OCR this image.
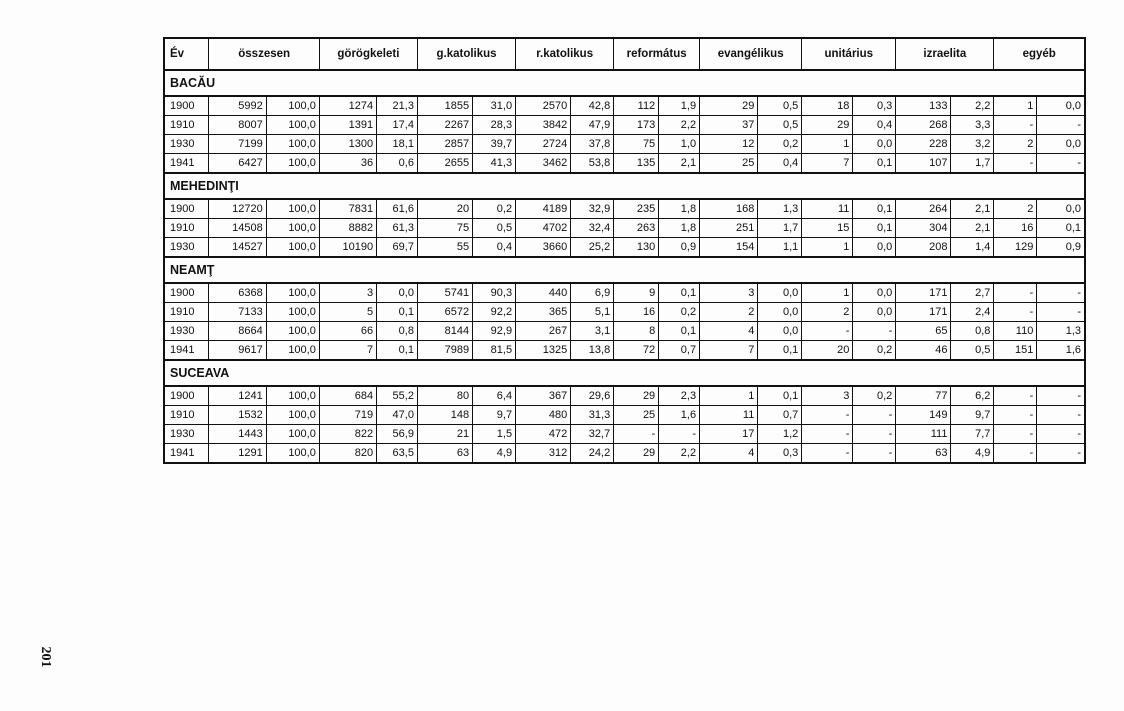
Év	összesen		görögkeleti		g.katolikus		r.katolikus		református		evangélikus		unitárius		izraelita		egyéb	
BACĂU																		
1900	5992	100,0	1274	21,3	1855	31,0	2570	42,8	112	1,9	29	0,5	18	0,3	133	2,2	1	0,0
1910	8007	100,0	1391	17,4	2267	28,3	3842	47,9	173	2,2	37	0,5	29	0,4	268	3,3	-	-
1930	7199	100,0	1300	18,1	2857	39,7	2724	37,8	75	1,0	12	0,2	1	0,0	228	3,2	2	0,0
1941	6427	100,0	36	0,6	2655	41,3	3462	53,8	135	2,1	25	0,4	7	0,1	107	1,7	-	-
MEHEDINŢI																		
1900	12720	100,0	7831	61,6	20	0,2	4189	32,9	235	1,8	168	1,3	11	0,1	264	2,1	2	0,0
1910	14508	100,0	8882	61,3	75	0,5	4702	32,4	263	1,8	251	1,7	15	0,1	304	2,1	16	0,1
1930	14527	100,0	10190	69,7	55	0,4	3660	25,2	130	0,9	154	1,1	1	0,0	208	1,4	129	0,9
NEAMŢ																		
1900	6368	100,0	3	0,0	5741	90,3	440	6,9	9	0,1	3	0,0	1	0,0	171	2,7	-	-
1910	7133	100,0	5	0,1	6572	92,2	365	5,1	16	0,2	2	0,0	2	0,0	171	2,4	-	-
1930	8664	100,0	66	0,8	8144	92,9	267	3,1	8	0,1	4	0,0	-	-	65	0,8	110	1,3
1941	9617	100,0	7	0,1	7989	81,5	1325	13,8	72	0,7	7	0,1	20	0,2	46	0,5	151	1,6
SUCEAVA																		
1900	1241	100,0	684	55,2	80	6,4	367	29,6	29	2,3	1	0,1	3	0,2	77	6,2	-	-
1910	1532	100,0	719	47,0	148	9,7	480	31,3	25	1,6	11	0,7	-	-	149	9,7	-	-
1930	1443	100,0	822	56,9	21	1,5	472	32,7	-	-	17	1,2	-	-	111	7,7	-	-
1941	1291	100,0	820	63,5	63	4,9	312	24,2	29	2,2	4	0,3	-	-	63	4,9	-	-
201
